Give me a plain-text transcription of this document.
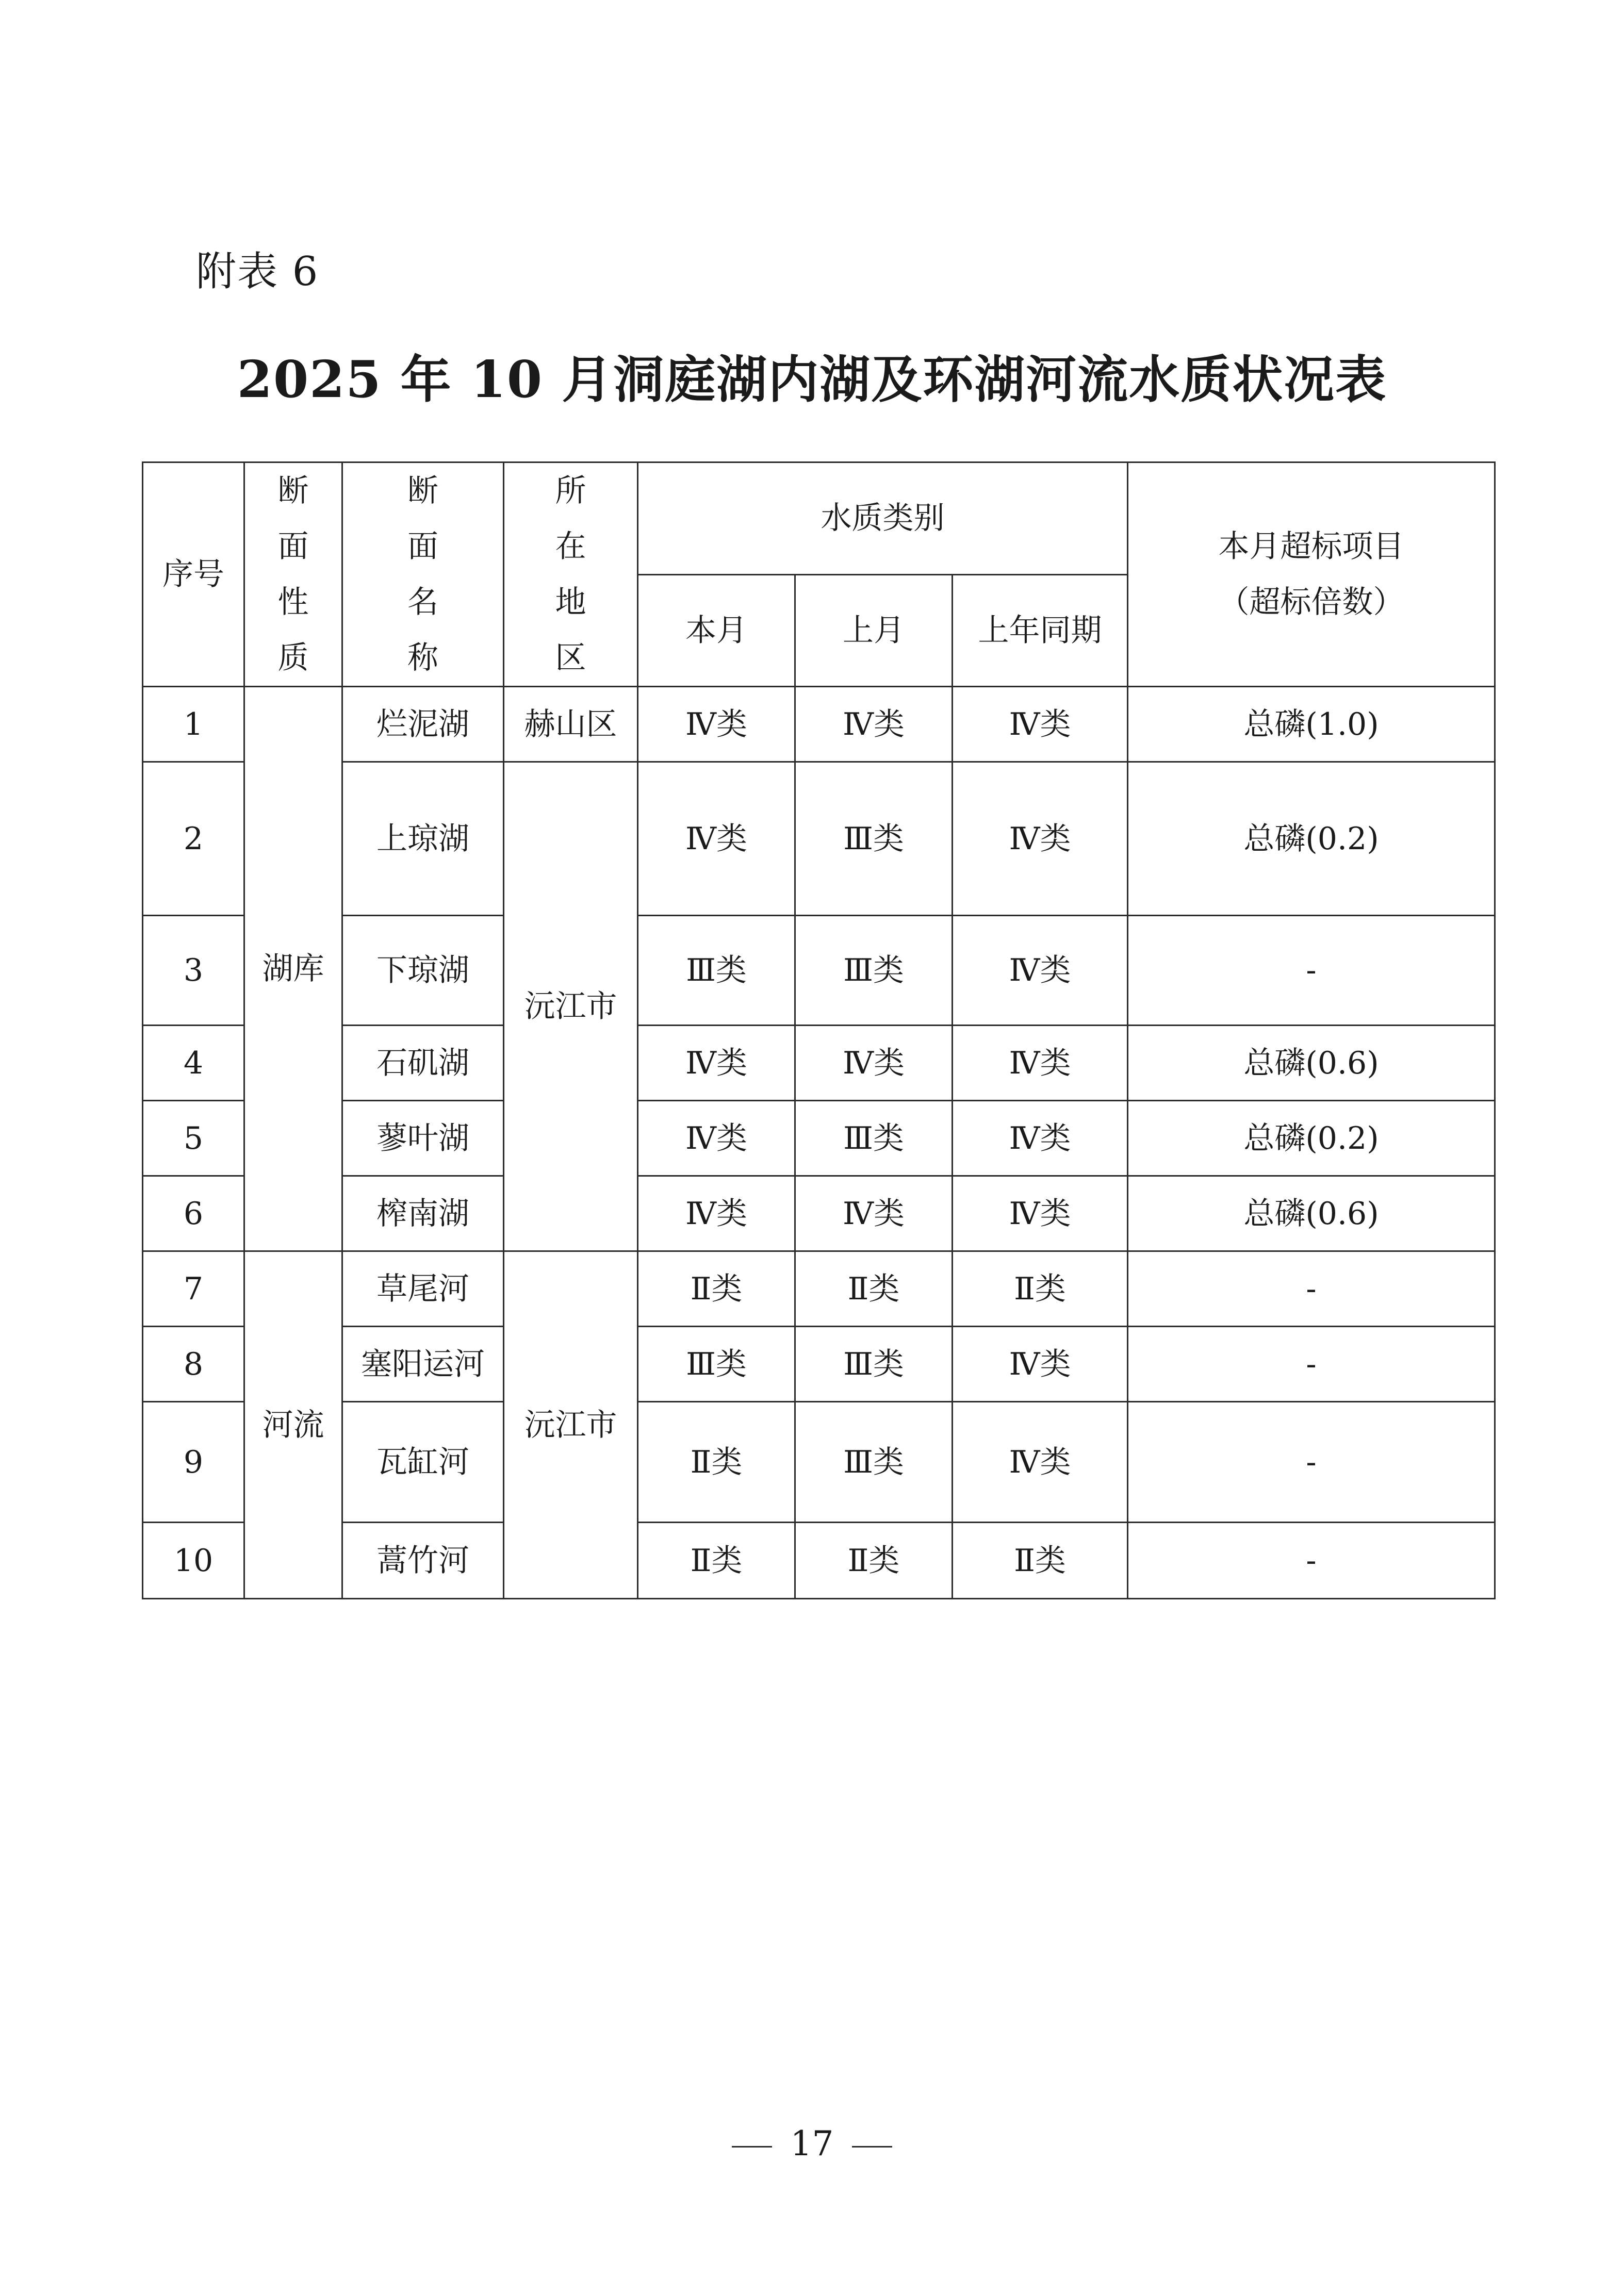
附表 6
2025 年 10 月洞庭湖内湖及环湖河流水质状况表
序号	断面性质	断面名称	所在地区	水质类别			本月超标项目
（超标倍数）

				本月	上月	上年同期	
1	湖库	烂泥湖	赫山区	Ⅳ类	Ⅳ类	Ⅳ类	总磷(1.0)
2		上琼湖	沅江市	Ⅳ类	Ⅲ类	Ⅳ类	总磷(0.2)
3		下琼湖		Ⅲ类	Ⅲ类	Ⅳ类	-
4		石矶湖		Ⅳ类	Ⅳ类	Ⅳ类	总磷(0.6)
5		蓼叶湖		Ⅳ类	Ⅲ类	Ⅳ类	总磷(0.2)
6		榨南湖		Ⅳ类	Ⅳ类	Ⅳ类	总磷(0.6)
7	河流	草尾河	沅江市	Ⅱ类	Ⅱ类	Ⅱ类	-
8		塞阳运河		Ⅲ类	Ⅲ类	Ⅳ类	-
9		瓦缸河		Ⅱ类	Ⅲ类	Ⅳ类	-
10		蒿竹河		Ⅱ类	Ⅱ类	Ⅱ类	-
17
